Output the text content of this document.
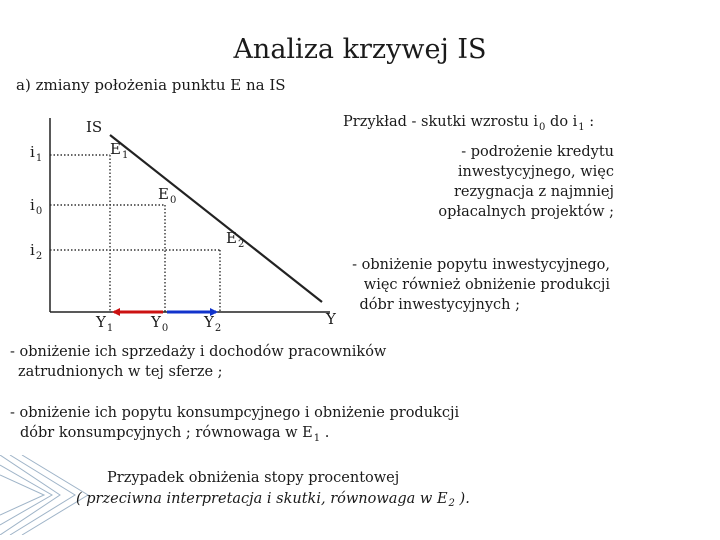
Analiza krzywej IS
a) zmiany położenia punktu E na IS
IS
$i_1$
$i_0$
$i_2$
$E_1$
$E_0$
$E_2$
$Y_1$	$Y_0$ $Y_2$
Y
Przykład - skutki wzrostu $i_0$ do $i_1$ :
- podrożenie kredytu
inwestycyjnego, więc
rezygnacja z najmniej
opłacalnych projektów ;
- obniżenie popytu inwestycyjnego,
więc również obniżenie produkcji
dóbr inwestycyjnych ;
- obniżenie ich sprzedaży i dochodów pracowników
zatrudnionych w tej sferze ;
- obniżenie ich popytu konsumpcyjnego i obniżenie produkcji
dóbr konsumpcyjnych ; równowaga w $E_1$ .
Przypadek obniżenia stopy procentowej
( przeciwna interpretacja i skutki, równowaga w $E_2$ ).
